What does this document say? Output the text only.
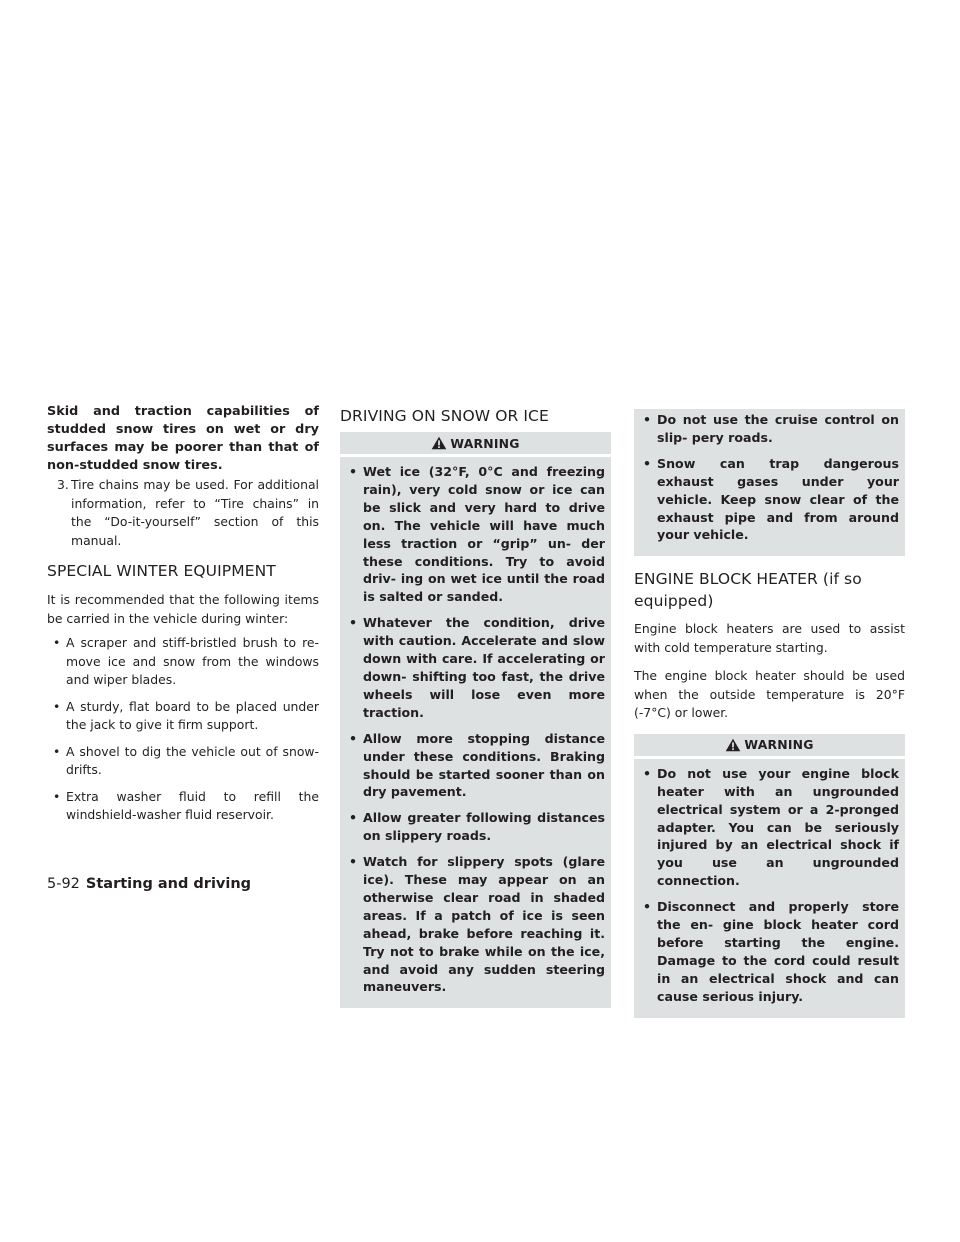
Skid and traction capabilities of studded snow tires on wet or dry surfaces may be poorer than that of non-studded snow tires.

3. Tire chains may be used. For additional information, refer to “Tire chains” in the “Do-it-yourself” section of this manual.
SPECIAL WINTER EQUIPMENT

It is recommended that the following items be carried in the vehicle during winter:

• A scraper and stiff-bristled brush to re- move ice and snow from the windows and wiper blades.
• A sturdy, flat board to be placed under the jack to give it firm support.
• A shovel to dig the vehicle out of snow- drifts.
• Extra washer fluid to refill the windshield-washer fluid reservoir.
DRIVING ON SNOW OR ICE
WARNING
• Wet ice (32°F, 0°C and freezing rain), very cold snow or ice can be slick and very hard to drive on. The vehicle will have much less traction or “grip” un- der these conditions. Try to avoid driv- ing on wet ice until the road is salted or sanded.
• Whatever the condition, drive with caution. Accelerate and slow down with care. If accelerating or down- shifting too fast, the drive wheels will lose even more traction.
• Allow more stopping distance under these conditions. Braking should be started sooner than on dry pavement.
• Allow greater following distances on slippery roads.
• Watch for slippery spots (glare ice). These may appear on an otherwise clear road in shaded areas. If a patch of ice is seen ahead, brake before reaching it. Try not to brake while on the ice, and avoid any sudden steering maneuvers.
• Do not use the cruise control on slip- pery roads.
• Snow can trap dangerous exhaust gases under your vehicle. Keep snow clear of the exhaust pipe and from around your vehicle.
ENGINE BLOCK HEATER (if so equipped)

Engine block heaters are used to assist with cold temperature starting.

The engine block heater should be used when the outside temperature is 20°F (-7°C) or lower.

WARNING
• Do not use your engine block heater with an ungrounded electrical system or a 2-pronged adapter. You can be seriously injured by an electrical shock if you use an ungrounded connection.
• Disconnect and properly store the en- gine block heater cord before starting the engine. Damage to the cord could result in an electrical shock and can cause serious injury.
5-92 Starting and driving
